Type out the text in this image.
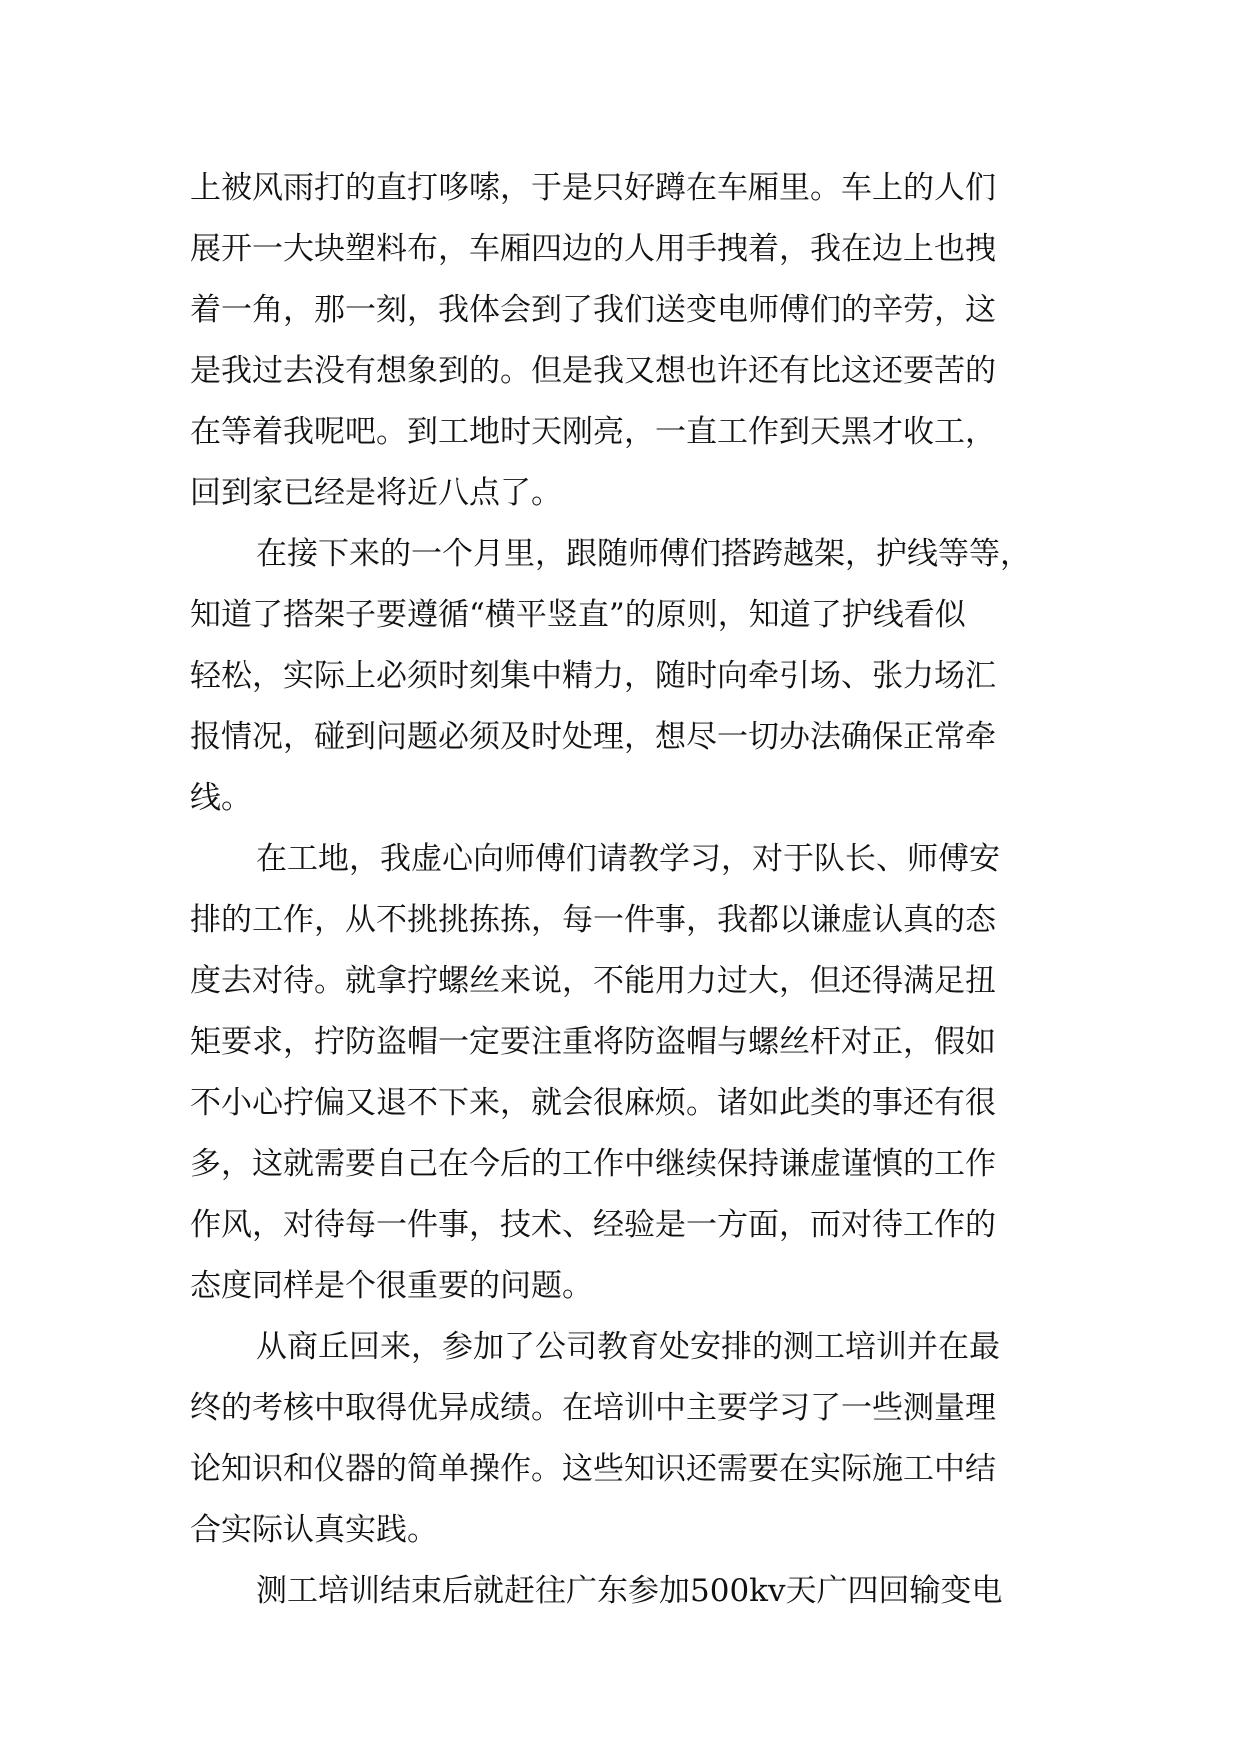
上被风雨打的直打哆嗦，于是只好蹲在车厢里。车上的人们
展开一大块塑料布，车厢四边的人用手拽着，我在边上也拽
着一角，那一刻，我体会到了我们送变电师傅们的辛劳，这
是我过去没有想象到的。但是我又想也许还有比这还要苦的
在等着我呢吧。到工地时天刚亮，一直工作到天黑才收工，
回到家已经是将近八点了。
在接下来的一个月里，跟随师傅们搭跨越架，护线等等，
知道了搭架子要遵循“横平竖直”的原则，知道了护线看似
轻松，实际上必须时刻集中精力，随时向牵引场、张力场汇
报情况，碰到问题必须及时处理，想尽一切办法确保正常牵
线。
在工地，我虚心向师傅们请教学习，对于队长、师傅安
排的工作，从不挑挑拣拣，每一件事，我都以谦虚认真的态
度去对待。就拿拧螺丝来说，不能用力过大，但还得满足扭
矩要求，拧防盗帽一定要注重将防盗帽与螺丝杆对正，假如
不小心拧偏又退不下来，就会很麻烦。诸如此类的事还有很
多，这就需要自己在今后的工作中继续保持谦虚谨慎的工作
作风，对待每一件事，技术、经验是一方面，而对待工作的
态度同样是个很重要的问题。
从商丘回来，参加了公司教育处安排的测工培训并在最
终的考核中取得优异成绩。在培训中主要学习了一些测量理
论知识和仪器的简单操作。这些知识还需要在实际施工中结
合实际认真实践。
测工培训结束后就赶往广东参加500kv天广四回输变电
